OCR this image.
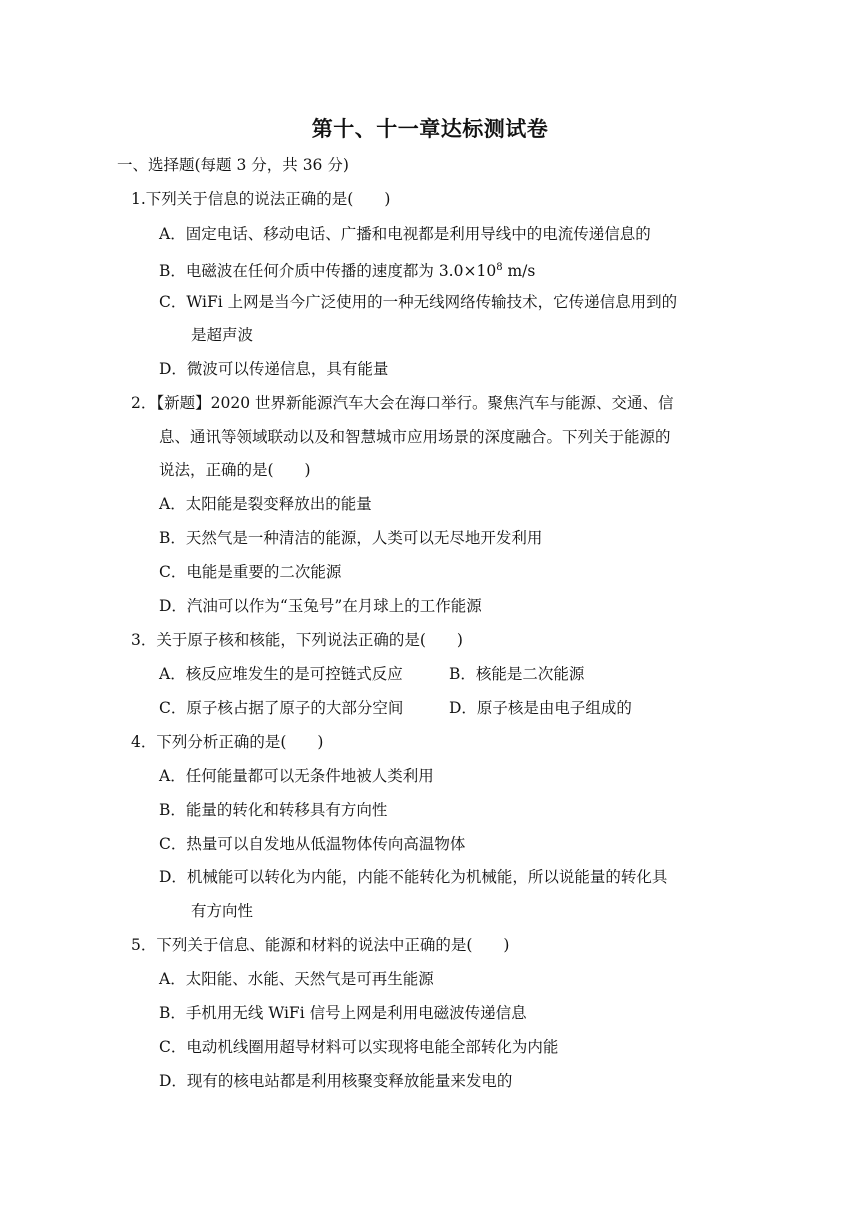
第十、十一章达标测试卷
一、选择题(每题 3 分，共 36 分)
1.下列关于信息的说法正确的是(　　)
A．固定电话、移动电话、广播和电视都是利用导线中的电流传递信息的
B．电磁波在任何介质中传播的速度都为 $3.0\times 10^8$ m/s
C．WiFi 上网是当今广泛使用的一种无线网络传输技术，它传递信息用到的
是超声波
D．微波可以传递信息，具有能量
2．【新题】2020 世界新能源汽车大会在海口举行。聚焦汽车与能源、交通、信
息、通讯等领域联动以及和智慧城市应用场景的深度融合。下列关于能源的
说法，正确的是(　　)
A．太阳能是裂变释放出的能量
B．天然气是一种清洁的能源，人类可以无尽地开发利用
C．电能是重要的二次能源
D．汽油可以作为“玉兔号”在月球上的工作能源
3．关于原子核和核能，下列说法正确的是(　　)
A．核反应堆发生的是可控链式反应	B．核能是二次能源
C．原子核占据了原子的大部分空间	D．原子核是由电子组成的
4．下列分析正确的是(　　)
A．任何能量都可以无条件地被人类利用
B．能量的转化和转移具有方向性
C．热量可以自发地从低温物体传向高温物体
D．机械能可以转化为内能，内能不能转化为机械能，所以说能量的转化具
有方向性
5．下列关于信息、能源和材料的说法中正确的是(　　)
A．太阳能、水能、天然气是可再生能源
B．手机用无线 WiFi 信号上网是利用电磁波传递信息
C．电动机线圈用超导材料可以实现将电能全部转化为内能
D．现有的核电站都是利用核聚变释放能量来发电的
